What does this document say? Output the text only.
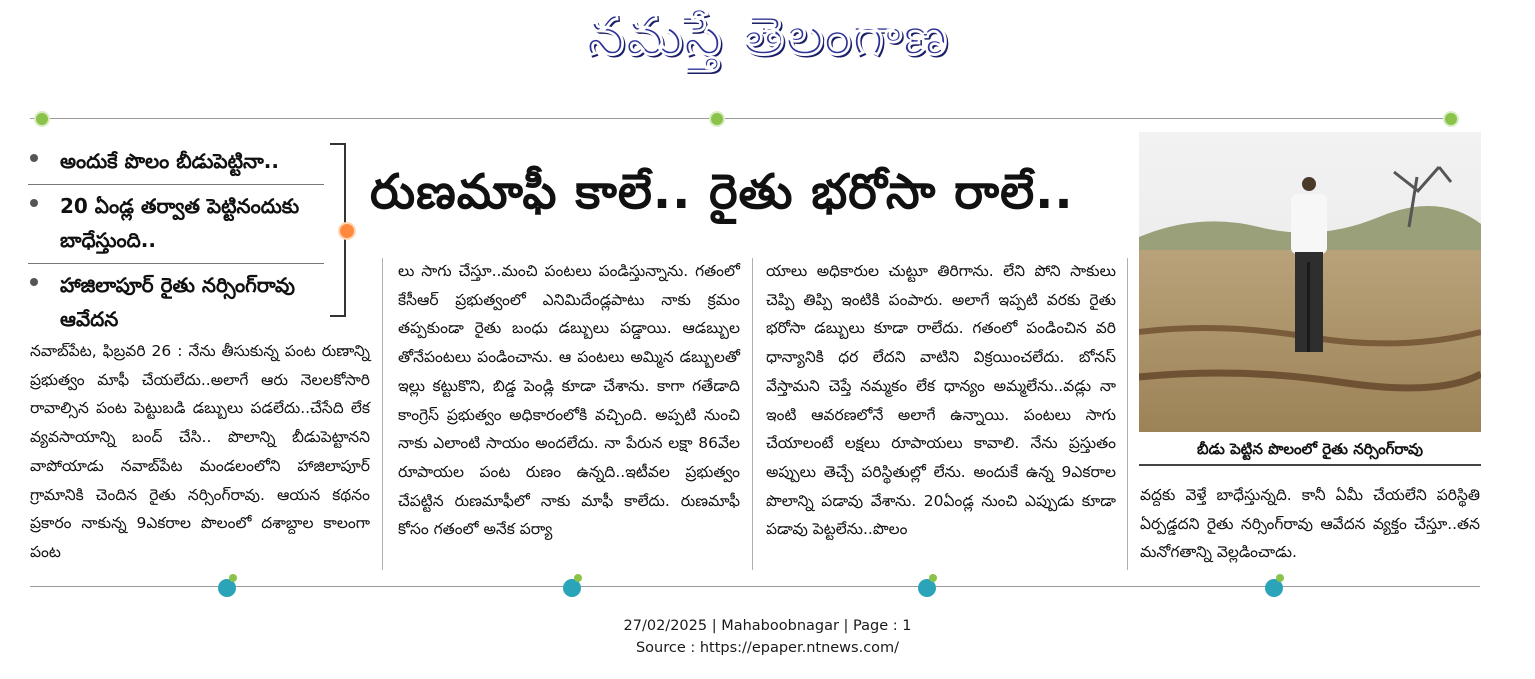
నమస్తే తెలంగాణ
అందుకే పొలం బీడుపెట్టినా..
20 ఏండ్ల తర్వాత పెట్టినందుకు బాధేస్తుంది..
హాజిలాపూర్ రైతు నర్సింగ్‌రావు ఆవేదన
రుణమాఫీ కాలే.. రైతు భరోసా రాలే..
నవాబ్‌పేట, ఫిబ్రవరి 26 : నేను తీసుకున్న పంట రుణాన్ని ప్రభుత్వం మాఫీ చేయలేదు..అలాగే ఆరు నెలలకోసారి రావాల్సిన పంట పెట్టుబడి డబ్బులు పడలేదు..చేసేది లేక వ్యవసాయాన్ని బంద్ చేసి.. పొలాన్ని బీడుపెట్టానని వాపోయాడు నవాబ్‌పేట మండలంలోని హాజిలాపూర్ గ్రామానికి చెందిన రైతు నర్సింగ్‌రావు. ఆయన కథనం ప్రకారం నాకున్న 9ఎకరాల పొలంలో దశాబ్దాల కాలంగా పంట
లు సాగు చేస్తూ..మంచి పంటలు పండిస్తున్నాను. గతంలో కేసీఆర్ ప్రభుత్వంలో ఎనిమిదేండ్లపాటు నాకు క్రమం తప్పకుండా రైతు బంధు డబ్బులు పడ్డాయి. ఆడబ్బుల తోనేపంటలు పండించాను. ఆ పంటలు అమ్మిన డబ్బులతో ఇల్లు కట్టుకొని, బిడ్డ పెండ్లి కూడా చేశాను. కాగా గతేడాది కాంగ్రెస్ ప్రభుత్వం అధికారంలోకి వచ్చింది. అప్పటి నుంచి నాకు ఎలాంటి సాయం అందలేదు. నా పేరున లక్షా 86వేల రూపాయల పంట రుణం ఉన్నది..ఇటీవల ప్రభుత్వం చేపట్టిన రుణమాఫీలో నాకు మాఫీ కాలేదు. రుణమాఫీ కోసం గతంలో అనేక పర్యా
యాలు అధికారుల చుట్టూ తిరిగాను. లేని పోని సాకులు చెప్పి తిప్పి ఇంటికి పంపారు. అలాగే ఇప్పటి వరకు రైతు భరోసా డబ్బులు కూడా రాలేదు. గతంలో పండించిన వరి ధాన్యానికి ధర లేదని వాటిని విక్రయించలేదు. బోనస్ వేస్తామని చెప్తే నమ్మకం లేక ధాన్యం అమ్మలేను..వడ్లు నా ఇంటి ఆవరణలోనే అలాగే ఉన్నాయి. పంటలు సాగు చేయాలంటే లక్షలు రూపాయలు కావాలి. నేను ప్రస్తుతం అప్పులు తెచ్చే పరిస్థితుల్లో లేను. అందుకే ఉన్న 9ఎకరాల పొలాన్ని పడావు వేశాను. 20ఏండ్ల నుంచి ఎప్పుడు కూడా పడావు పెట్టలేను..పొలం
బీడు పెట్టిన పొలంలో రైతు నర్సింగ్‌రావు
వద్దకు వెళ్తే బాధేస్తున్నది. కానీ ఏమీ చేయలేని పరిస్థితి ఏర్పడ్డదని రైతు నర్సింగ్‌రావు ఆవేదన వ్యక్తం చేస్తూ..తన మనోగతాన్ని వెల్లడించాడు.
27/02/2025 | Mahaboobnagar | Page : 1
Source : https://epaper.ntnews.com/
